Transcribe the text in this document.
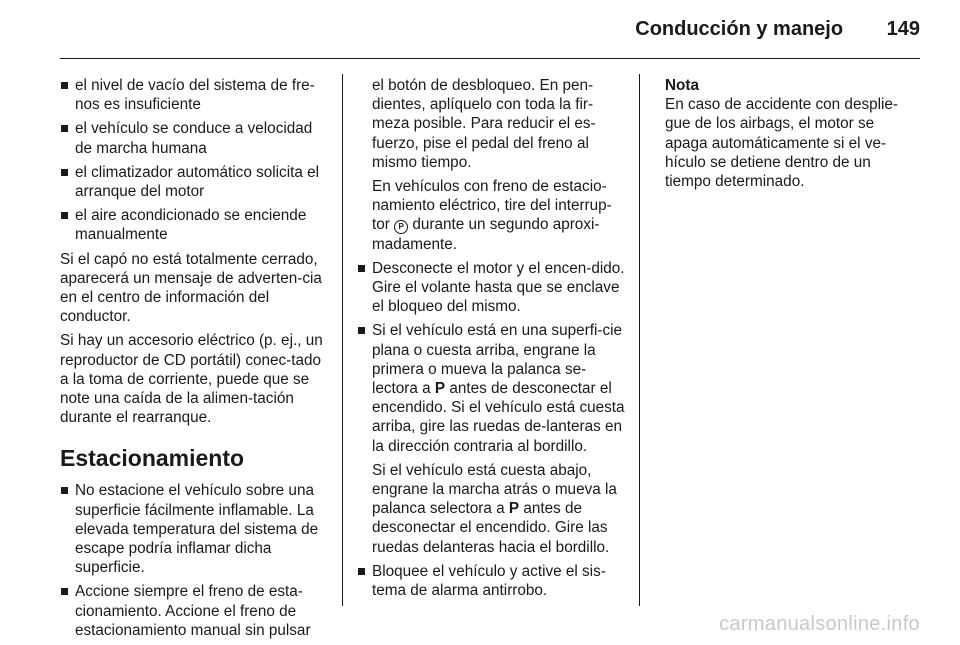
Conducción y manejo 149
el nivel de vacío del sistema de fre-nos es insuficiente
el vehículo se conduce a velocidad de marcha humana
el climatizador automático solicita el arranque del motor
el aire acondicionado se enciende manualmente

Si el capó no está totalmente cerrado, aparecerá un mensaje de adverten-cia en el centro de información del conductor.

Si hay un accesorio eléctrico (p. ej., un reproductor de CD portátil) conec-tado a la toma de corriente, puede que se note una caída de la alimen-tación durante el rearranque.

Estacionamiento
No estacione el vehículo sobre una superficie fácilmente inflamable. La elevada temperatura del sistema de escape podría inflamar dicha superficie.
Accione siempre el freno de esta-cionamiento. Accione el freno de estacionamiento manual sin pulsar
el botón de desbloqueo. En pen-dientes, aplíquelo con toda la fir-meza posible. Para reducir el es-fuerzo, pise el pedal del freno al mismo tiempo.
En vehículos con freno de estacio-namiento eléctrico, tire del interrup-tor P durante un segundo aproxi-madamente.
Desconecte el motor y el encen-dido. Gire el volante hasta que se enclave el bloqueo del mismo.
Si el vehículo está en una superfi-cie plana o cuesta arriba, engrane la primera o mueva la palanca se-lectora a P antes de desconectar el encendido. Si el vehículo está cuesta arriba, gire las ruedas de-lanteras en la dirección contraria al bordillo.
Si el vehículo está cuesta abajo, engrane la marcha atrás o mueva la palanca selectora a P antes de desconectar el encendido. Gire las ruedas delanteras hacia el bordillo.
Bloquee el vehículo y active el sis-tema de alarma antirrobo.
Nota
En caso de accidente con desplie-gue de los airbags, el motor se apaga automáticamente si el ve-hículo se detiene dentro de un tiempo determinado.
carmanualsonline.info
